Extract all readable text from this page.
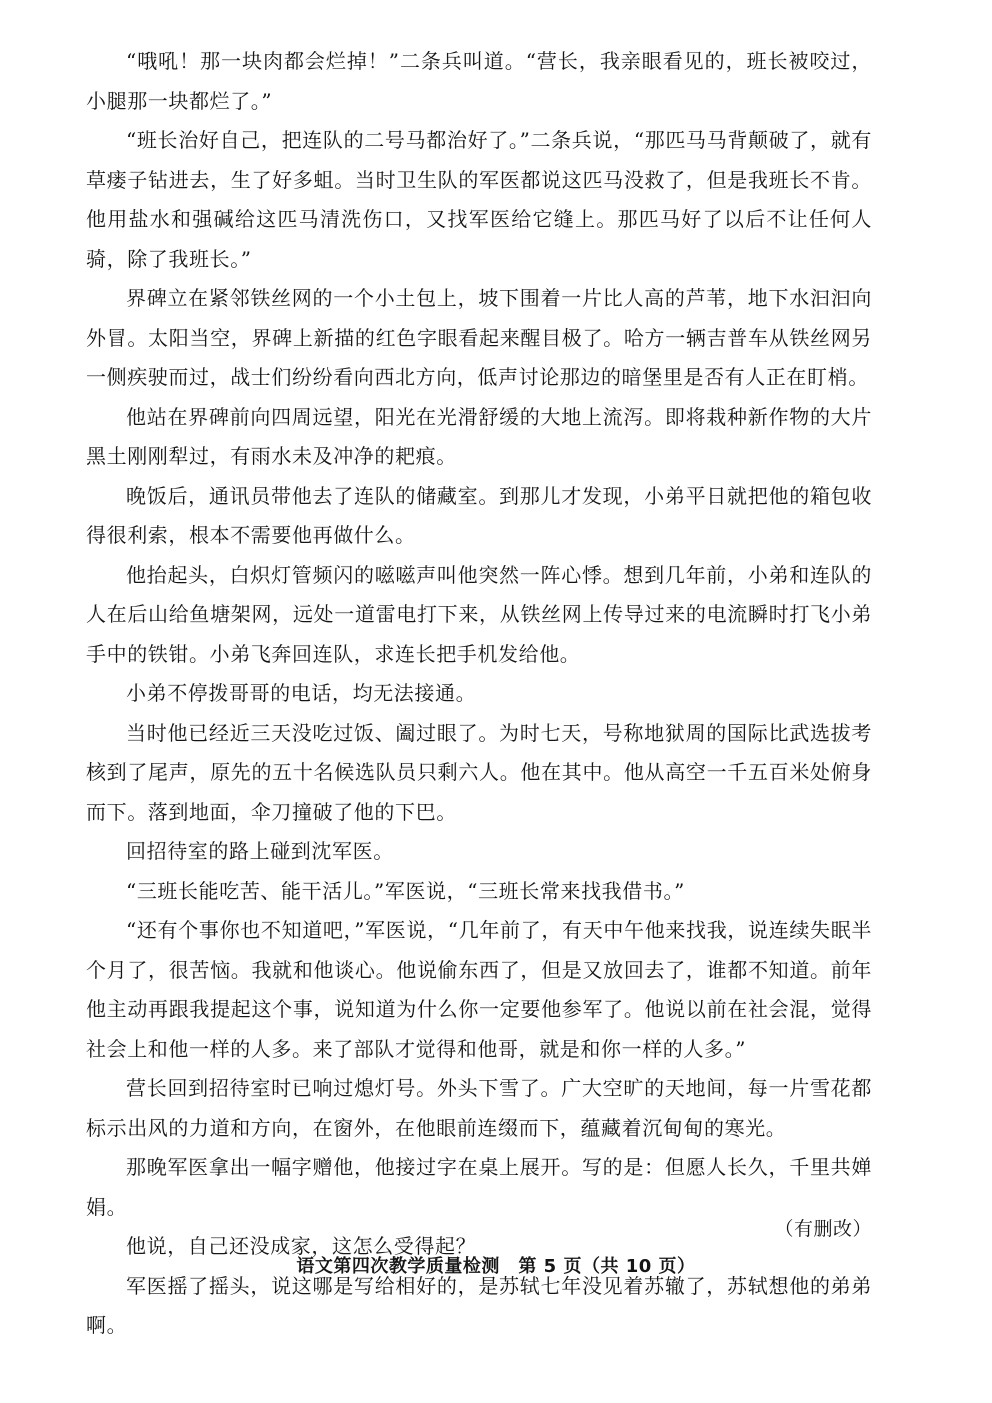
“哦吼！那一块肉都会烂掉！”二条兵叫道。“营长，我亲眼看见的，班长被咬过，小腿那一块都烂了。”

“班长治好自己，把连队的二号马都治好了。”二条兵说，“那匹马马背颠破了，就有草瘘子钻进去，生了好多蛆。当时卫生队的军医都说这匹马没救了，但是我班长不肯。他用盐水和强碱给这匹马清洗伤口，又找军医给它缝上。那匹马好了以后不让任何人骑，除了我班长。”

界碑立在紧邻铁丝网的一个小土包上，坡下围着一片比人高的芦苇，地下水汩汩向外冒。太阳当空，界碑上新描的红色字眼看起来醒目极了。哈方一辆吉普车从铁丝网另一侧疾驶而过，战士们纷纷看向西北方向，低声讨论那边的暗堡里是否有人正在盯梢。

他站在界碑前向四周远望，阳光在光滑舒缓的大地上流泻。即将栽种新作物的大片黑土刚刚犁过，有雨水未及冲净的耙痕。

晚饭后，通讯员带他去了连队的储藏室。到那儿才发现，小弟平日就把他的箱包收得很利索，根本不需要他再做什么。

他抬起头，白炽灯管频闪的嗞嗞声叫他突然一阵心悸。想到几年前，小弟和连队的人在后山给鱼塘架网，远处一道雷电打下来，从铁丝网上传导过来的电流瞬时打飞小弟手中的铁钳。小弟飞奔回连队，求连长把手机发给他。

小弟不停拨哥哥的电话，均无法接通。

当时他已经近三天没吃过饭、阖过眼了。为时七天，号称地狱周的国际比武选拔考核到了尾声，原先的五十名候选队员只剩六人。他在其中。他从高空一千五百米处俯身而下。落到地面，伞刀撞破了他的下巴。

回招待室的路上碰到沈军医。

“三班长能吃苦、能干活儿。”军医说，“三班长常来找我借书。”

“还有个事你也不知道吧，”军医说，“几年前了，有天中午他来找我，说连续失眠半个月了，很苦恼。我就和他谈心。他说偷东西了，但是又放回去了，谁都不知道。前年他主动再跟我提起这个事，说知道为什么你一定要他参军了。他说以前在社会混，觉得社会上和他一样的人多。来了部队才觉得和他哥，就是和你一样的人多。”

营长回到招待室时已响过熄灯号。外头下雪了。广大空旷的天地间，每一片雪花都标示出风的力道和方向，在窗外，在他眼前连缀而下，蕴藏着沉甸甸的寒光。

那晚军医拿出一幅字赠他，他接过字在桌上展开。写的是：但愿人长久，千里共婵娟。

他说，自己还没成家，这怎么受得起？

军医摇了摇头，说这哪是写给相好的，是苏轼七年没见着苏辙了，苏轼想他的弟弟啊。

（有删改）
语文第四次教学质量检测　第 5 页（共 10 页）
